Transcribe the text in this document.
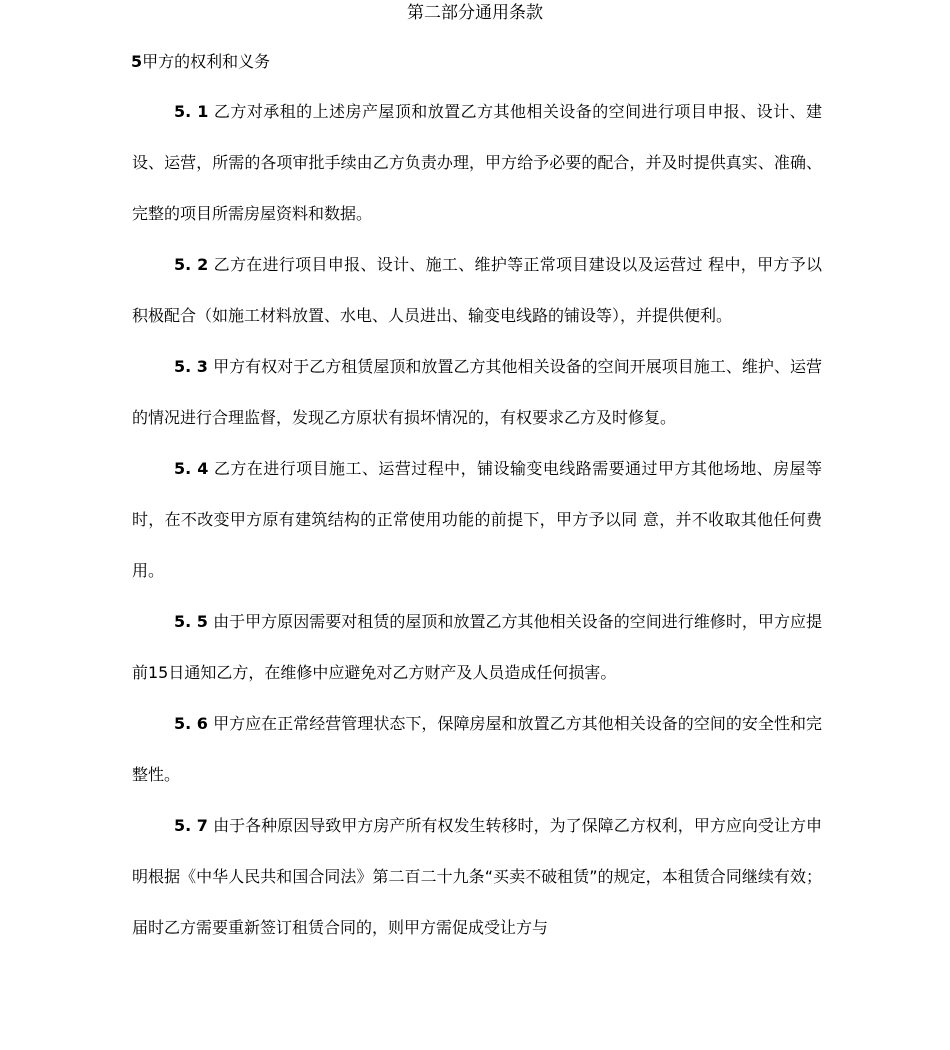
第二部分通用条款
5甲方的权利和义务

5. 1 乙方对承租的上述房产屋顶和放置乙方其他相关设备的空间进行项目申报、设计、建设、运营，所需的各项审批手续由乙方负责办理，甲方给予必要的配合，并及时提供真实、准确、完整的项目所需房屋资料和数据。

5. 2 乙方在进行项目申报、设计、施工、维护等正常项目建设以及运营过 程中，甲方予以积极配合（如施工材料放置、水电、人员进出、输变电线路的铺设等），并提供便利。

5. 3 甲方有权对于乙方租赁屋顶和放置乙方其他相关设备的空间开展项目施工、维护、运营的情况进行合理监督，发现乙方原状有损坏情况的，有权要求乙方及时修复。

5. 4 乙方在进行项目施工、运营过程中，铺设输变电线路需要通过甲方其他场地、房屋等时，在不改变甲方原有建筑结构的正常使用功能的前提下，甲方予以同 意，并不收取其他任何费用。

5. 5 由于甲方原因需要对租赁的屋顶和放置乙方其他相关设备的空间进行维修时，甲方应提前15日通知乙方，在维修中应避免对乙方财产及人员造成任何损害。

5. 6 甲方应在正常经营管理状态下，保障房屋和放置乙方其他相关设备的空间的安全性和完整性。

5. 7 由于各种原因导致甲方房产所有权发生转移时，为了保障乙方权利，甲方应向受让方申明根据《中华人民共和国合同法》第二百二十九条“买卖不破租赁”的规定，本租赁合同继续有效；届时乙方需要重新签订租赁合同的，则甲方需促成受让方与
